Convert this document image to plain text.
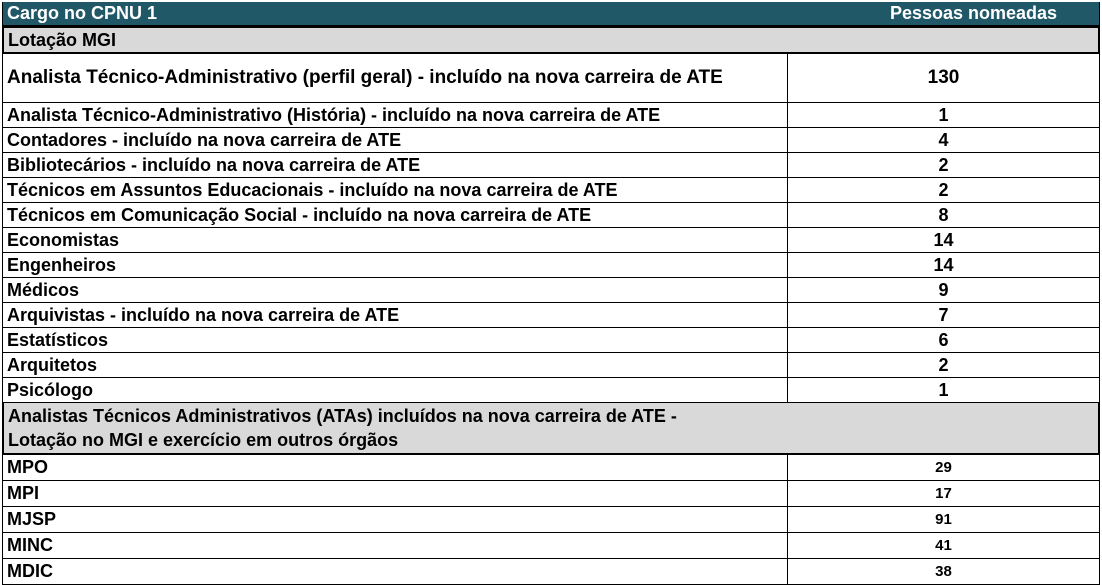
Cargo no CPNU 1	Pessoas nomeadas
Lotação MGI
Analista Técnico-Administrativo (perfil geral) - incluído na nova carreira de ATE	130
Analista Técnico-Administrativo (História) - incluído na nova carreira de ATE	1
Contadores - incluído na nova carreira de ATE	4
Bibliotecários - incluído na nova carreira de ATE	2
Técnicos em Assuntos Educacionais - incluído na nova carreira de ATE	2
Técnicos em Comunicação Social - incluído na nova carreira de ATE	8
Economistas	14
Engenheiros	14
Médicos	9
Arquivistas - incluído na nova carreira de ATE	7
Estatísticos	6
Arquitetos	2
Psicólogo	1
Analistas Técnicos Administrativos (ATAs) incluídos na nova carreira de ATE -
Lotação no MGI e exercício em outros órgãos
MPO	29
MPI	17
MJSP	91
MINC	41
MDIC	38
